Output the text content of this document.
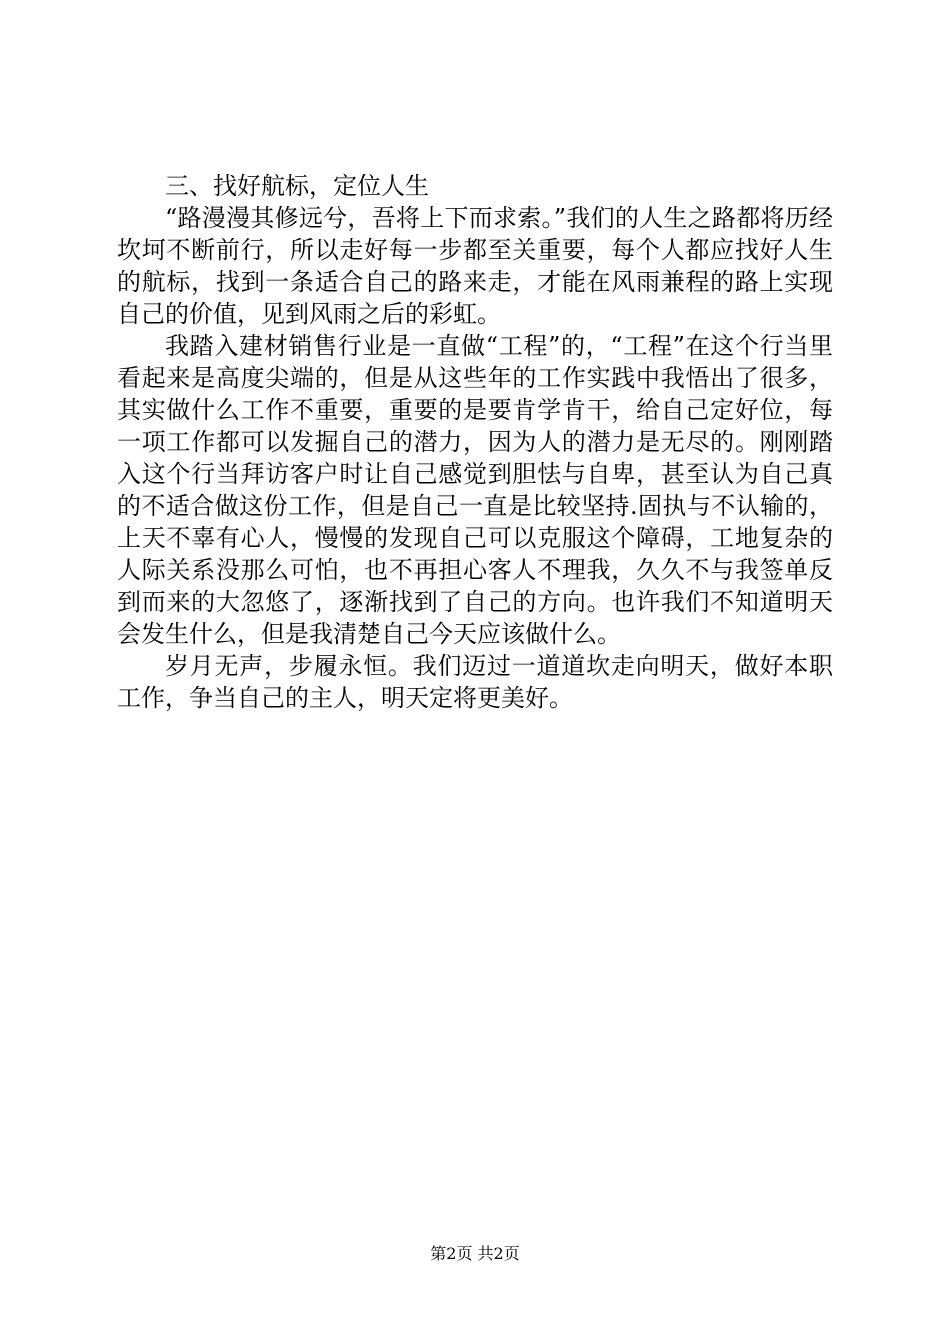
三、找好航标，定位人生

“路漫漫其修远兮，吾将上下而求索。”我们的人生之路都将历经坎坷不断前行，所以走好每一步都至关重要，每个人都应找好人生的航标，找到一条适合自己的路来走，才能在风雨兼程的路上实现自己的价值，见到风雨之后的彩虹。

我踏入建材销售行业是一直做“工程”的，“工程”在这个行当里看起来是高度尖端的，但是从这些年的工作实践中我悟出了很多，其实做什么工作不重要，重要的是要肯学肯干，给自己定好位，每一项工作都可以发掘自己的潜力，因为人的潜力是无尽的。刚刚踏入这个行当拜访客户时让自己感觉到胆怯与自卑，甚至认为自己真的不适合做这份工作，但是自己一直是比较坚持.固执与不认输的，上天不辜有心人，慢慢的发现自己可以克服这个障碍，工地复杂的人际关系没那么可怕，也不再担心客人不理我，久久不与我签单反到而来的大忽悠了，逐渐找到了自己的方向。也许我们不知道明天会发生什么，但是我清楚自己今天应该做什么。

岁月无声，步履永恒。我们迈过一道道坎走向明天，做好本职工作，争当自己的主人，明天定将更美好。

第2页 共2页
